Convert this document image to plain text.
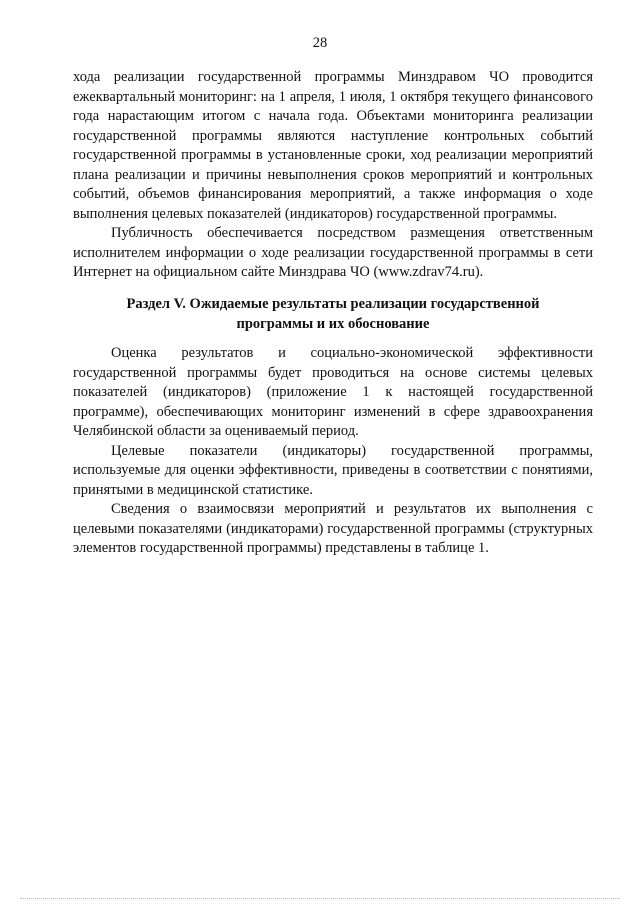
28

хода реализации государственной программы Минздравом ЧО проводится ежеквартальный мониторинг: на 1 апреля, 1 июля, 1 октября текущего финансового года нарастающим итогом с начала года. Объектами мониторинга реализации государственной программы являются наступление контрольных событий государственной программы в установленные сроки, ход реализации мероприятий плана реализации и причины невыполнения сроков мероприятий и контрольных событий, объемов финансирования мероприятий, а также информация о ходе выполнения целевых показателей (индикаторов) государственной программы.

Публичность обеспечивается посредством размещения ответственным исполнителем информации о ходе реализации государственной программы в сети Интернет на официальном сайте Минздрава ЧО (www.zdrav74.ru).

Раздел V. Ожидаемые результаты реализации государственной
программы и их обоснование

Оценка результатов и социально-экономической эффективности государственной программы будет проводиться на основе системы целевых показателей (индикаторов) (приложение 1 к настоящей государственной программе), обеспечивающих мониторинг изменений в сфере здравоохранения Челябинской области за оцениваемый период.

Целевые показатели (индикаторы) государственной программы, используемые для оценки эффективности, приведены в соответствии с понятиями, принятыми в медицинской статистике.

Сведения о взаимосвязи мероприятий и результатов их выполнения с целевыми показателями (индикаторами) государственной программы (структурных элементов государственной программы) представлены в таблице 1.
